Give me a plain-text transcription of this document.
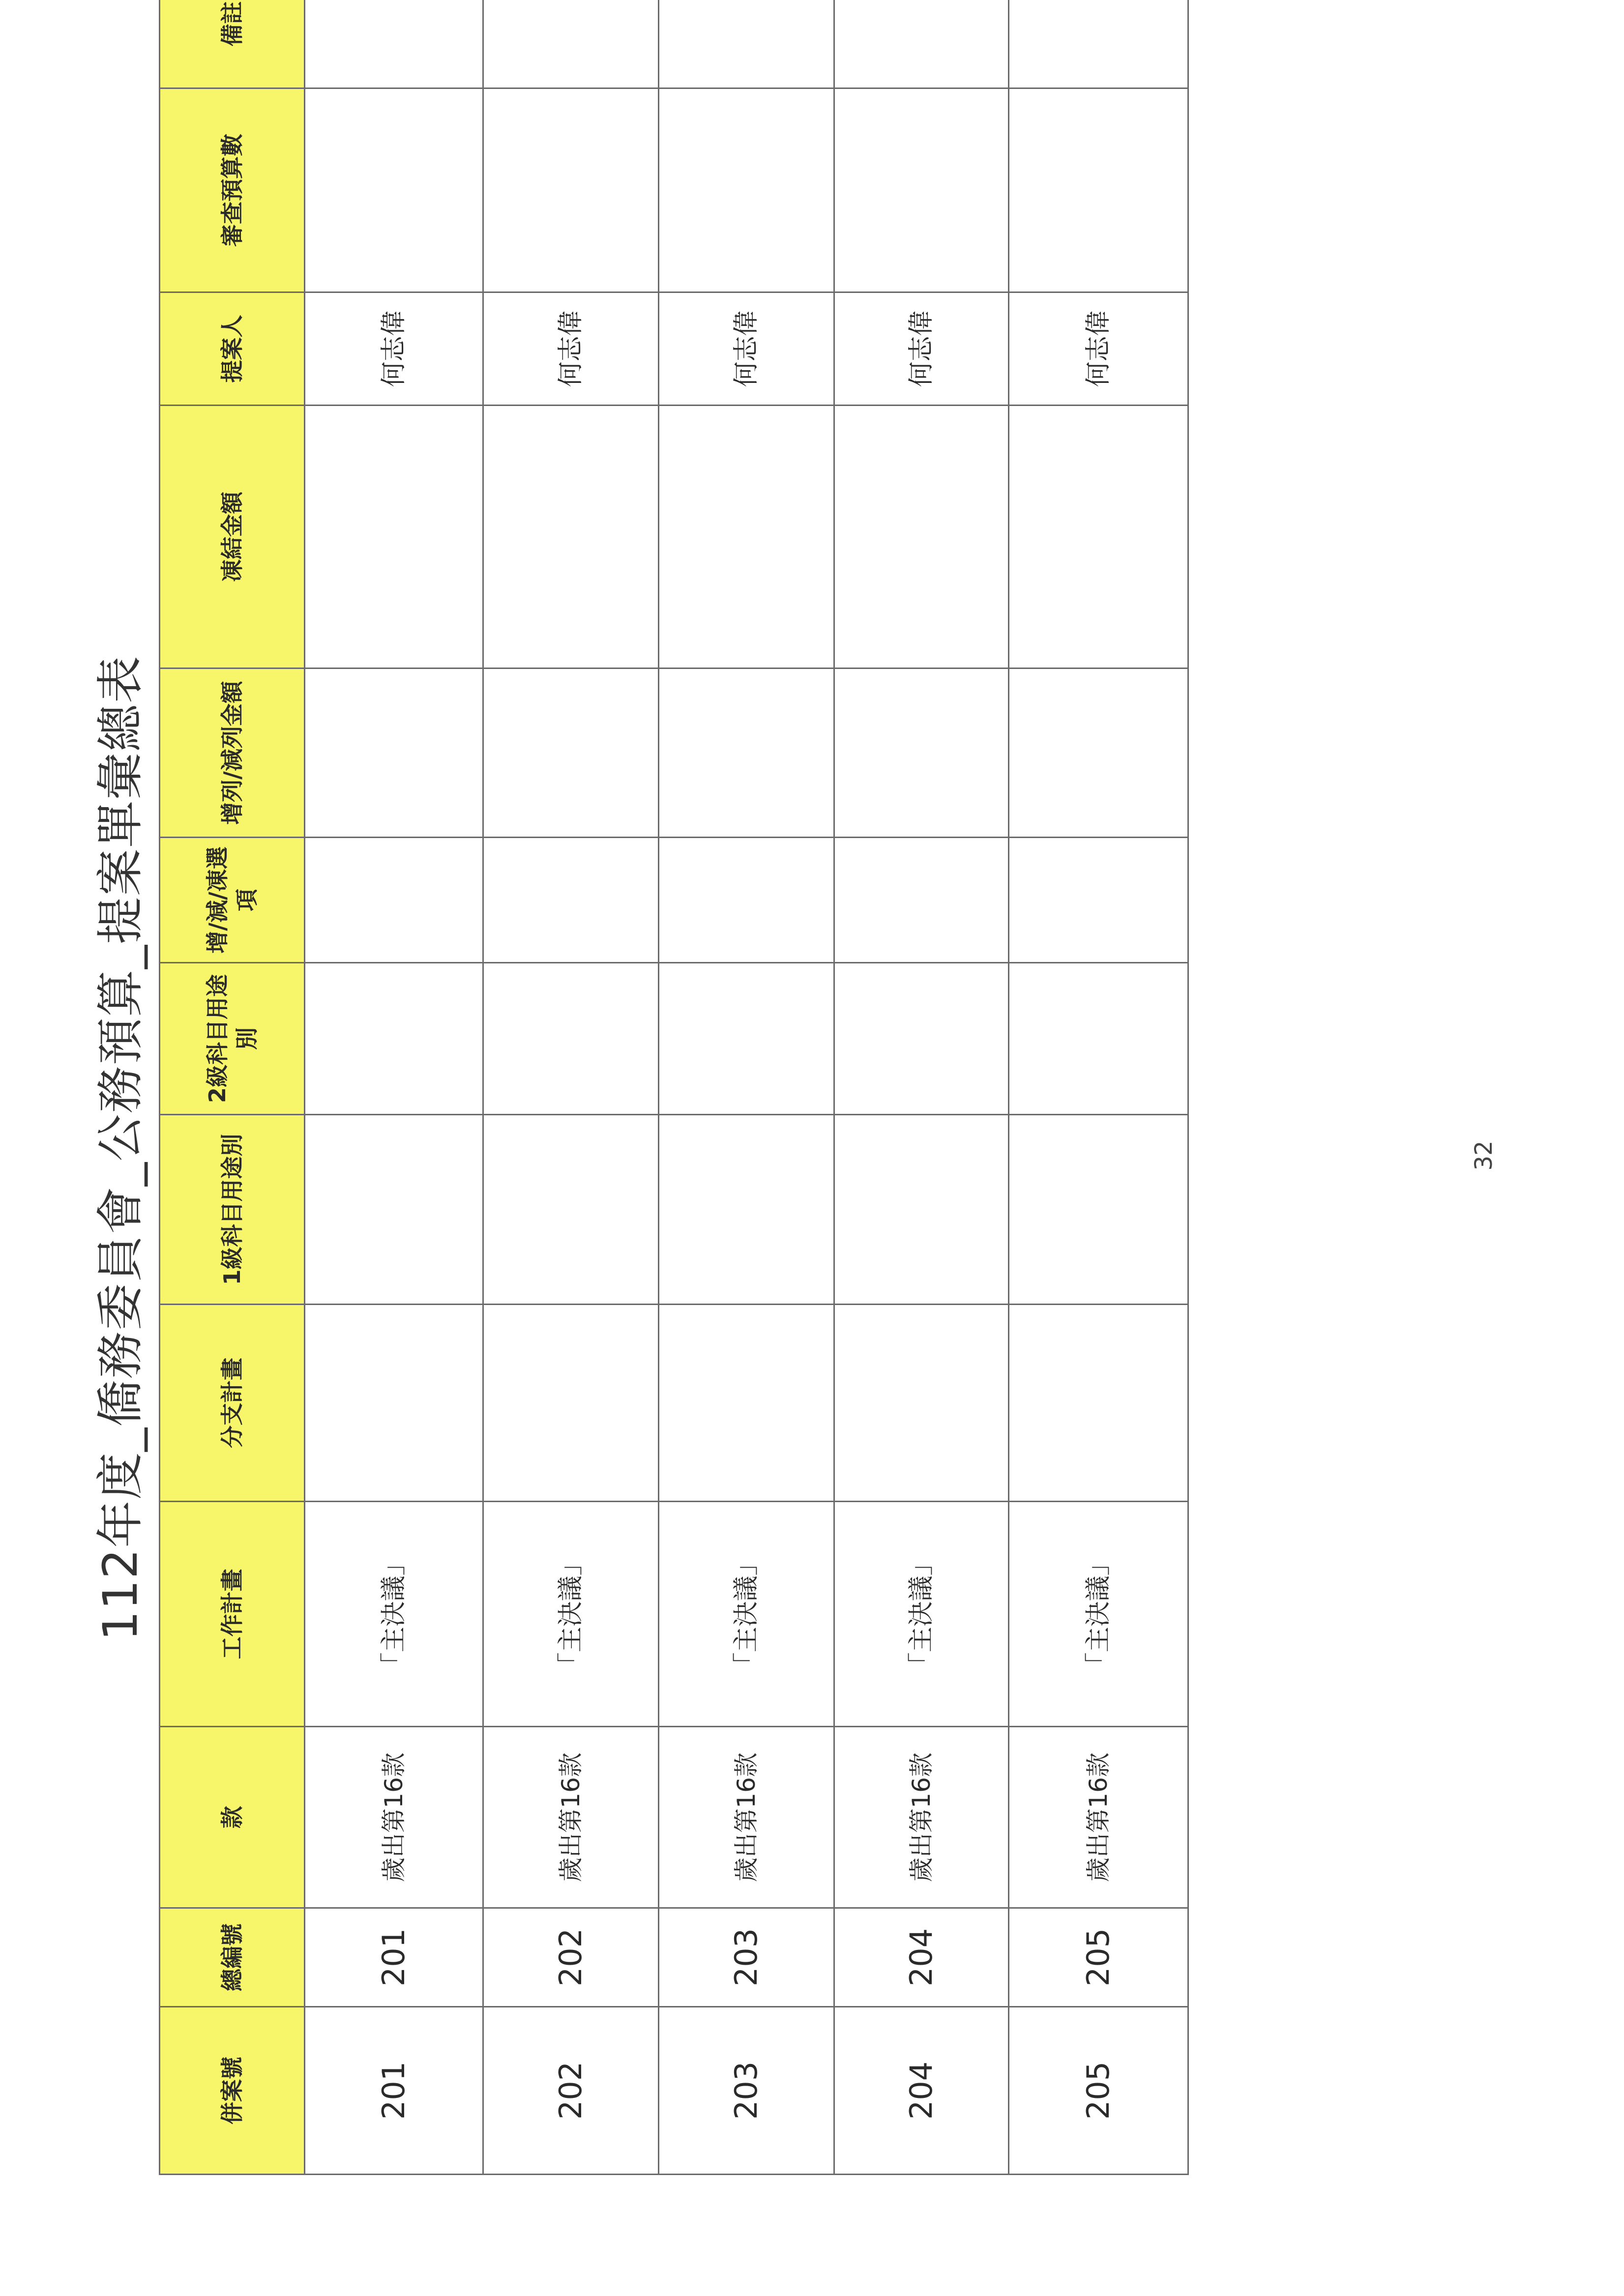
112年度_僑務委員會_公務預算_提案單彙總表
併案號	總編號	款	工作計畫	分支計畫	1級科目用途別	2級科目用途別	增/減/凍選項	增列/減列金額	凍結金額	提案人	審查預算數	備註
201	201	歲出第16款	「主決議」							何志偉		
202	202	歲出第16款	「主決議」							何志偉		
203	203	歲出第16款	「主決議」							何志偉		
204	204	歲出第16款	「主決議」							何志偉		
205	205	歲出第16款	「主決議」							何志偉		
32
